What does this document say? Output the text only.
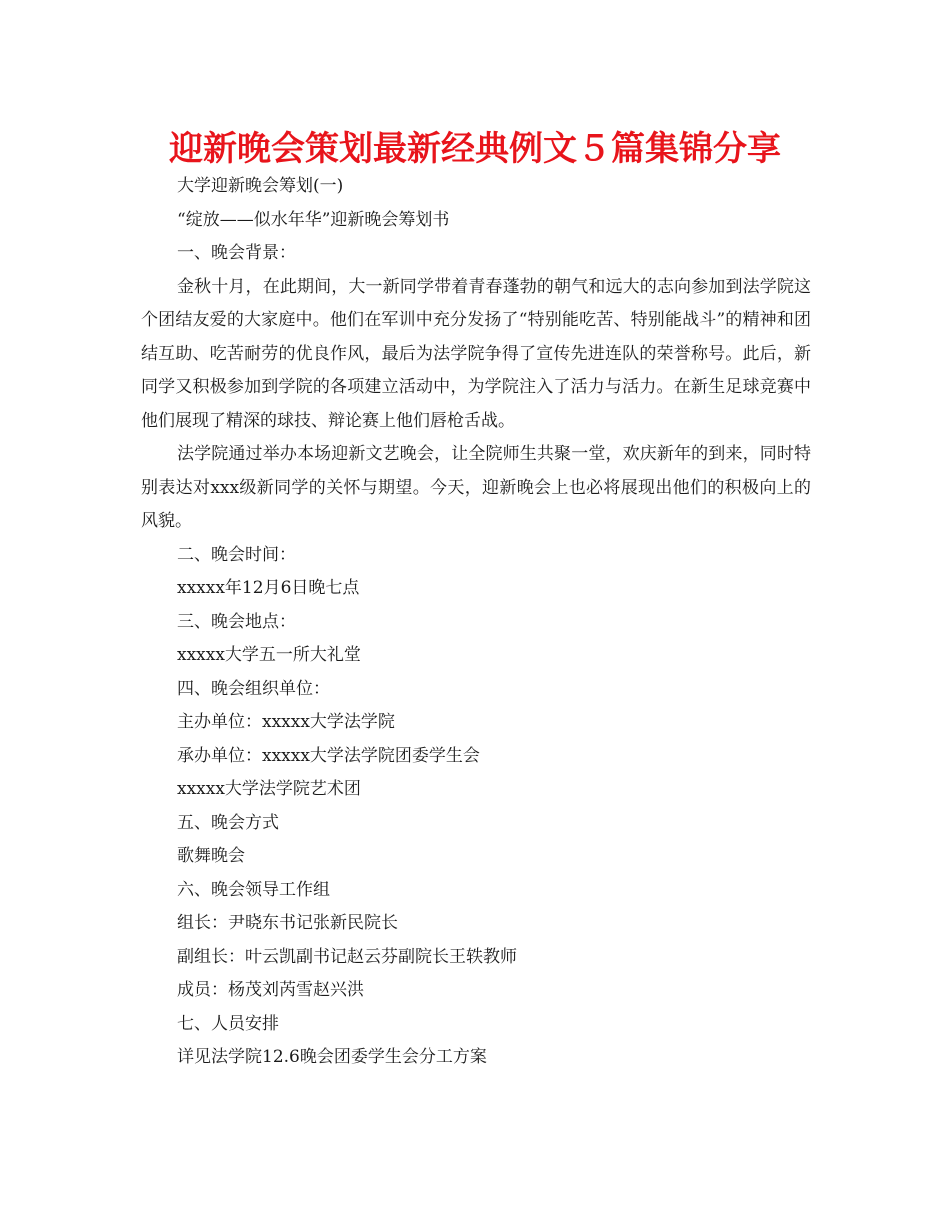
迎新晚会策划最新经典例文５篇集锦分享

大学迎新晚会筹划(一)

“绽放——似水年华”迎新晚会筹划书

一、晚会背景：

金秋十月，在此期间，大一新同学带着青春蓬勃的朝气和远大的志向参加到法学院这个团结友爱的大家庭中。他们在军训中充分发扬了“特别能吃苦、特别能战斗”的精神和团结互助、吃苦耐劳的优良作风，最后为法学院争得了宣传先进连队的荣誉称号。此后，新同学又积极参加到学院的各项建立活动中，为学院注入了活力与活力。在新生足球竞赛中他们展现了精深的球技、辩论赛上他们唇枪舌战。

法学院通过举办本场迎新文艺晚会，让全院师生共聚一堂，欢庆新年的到来，同时特别表达对xxx级新同学的关怀与期望。今天，迎新晚会上也必将展现出他们的积极向上的风貌。

二、晚会时间：

xxxxx年12月6日晚七点

三、晚会地点：

xxxxx大学五一所大礼堂

四、晚会组织单位：

主办单位：xxxxx大学法学院

承办单位：xxxxx大学法学院团委学生会

xxxxx大学法学院艺术团

五、晚会方式

歌舞晚会

六、晚会领导工作组

组长：尹晓东书记张新民院长

副组长：叶云凯副书记赵云芬副院长王轶教师

成员：杨茂刘芮雪赵兴洪

七、人员安排

详见法学院12.6晚会团委学生会分工方案
